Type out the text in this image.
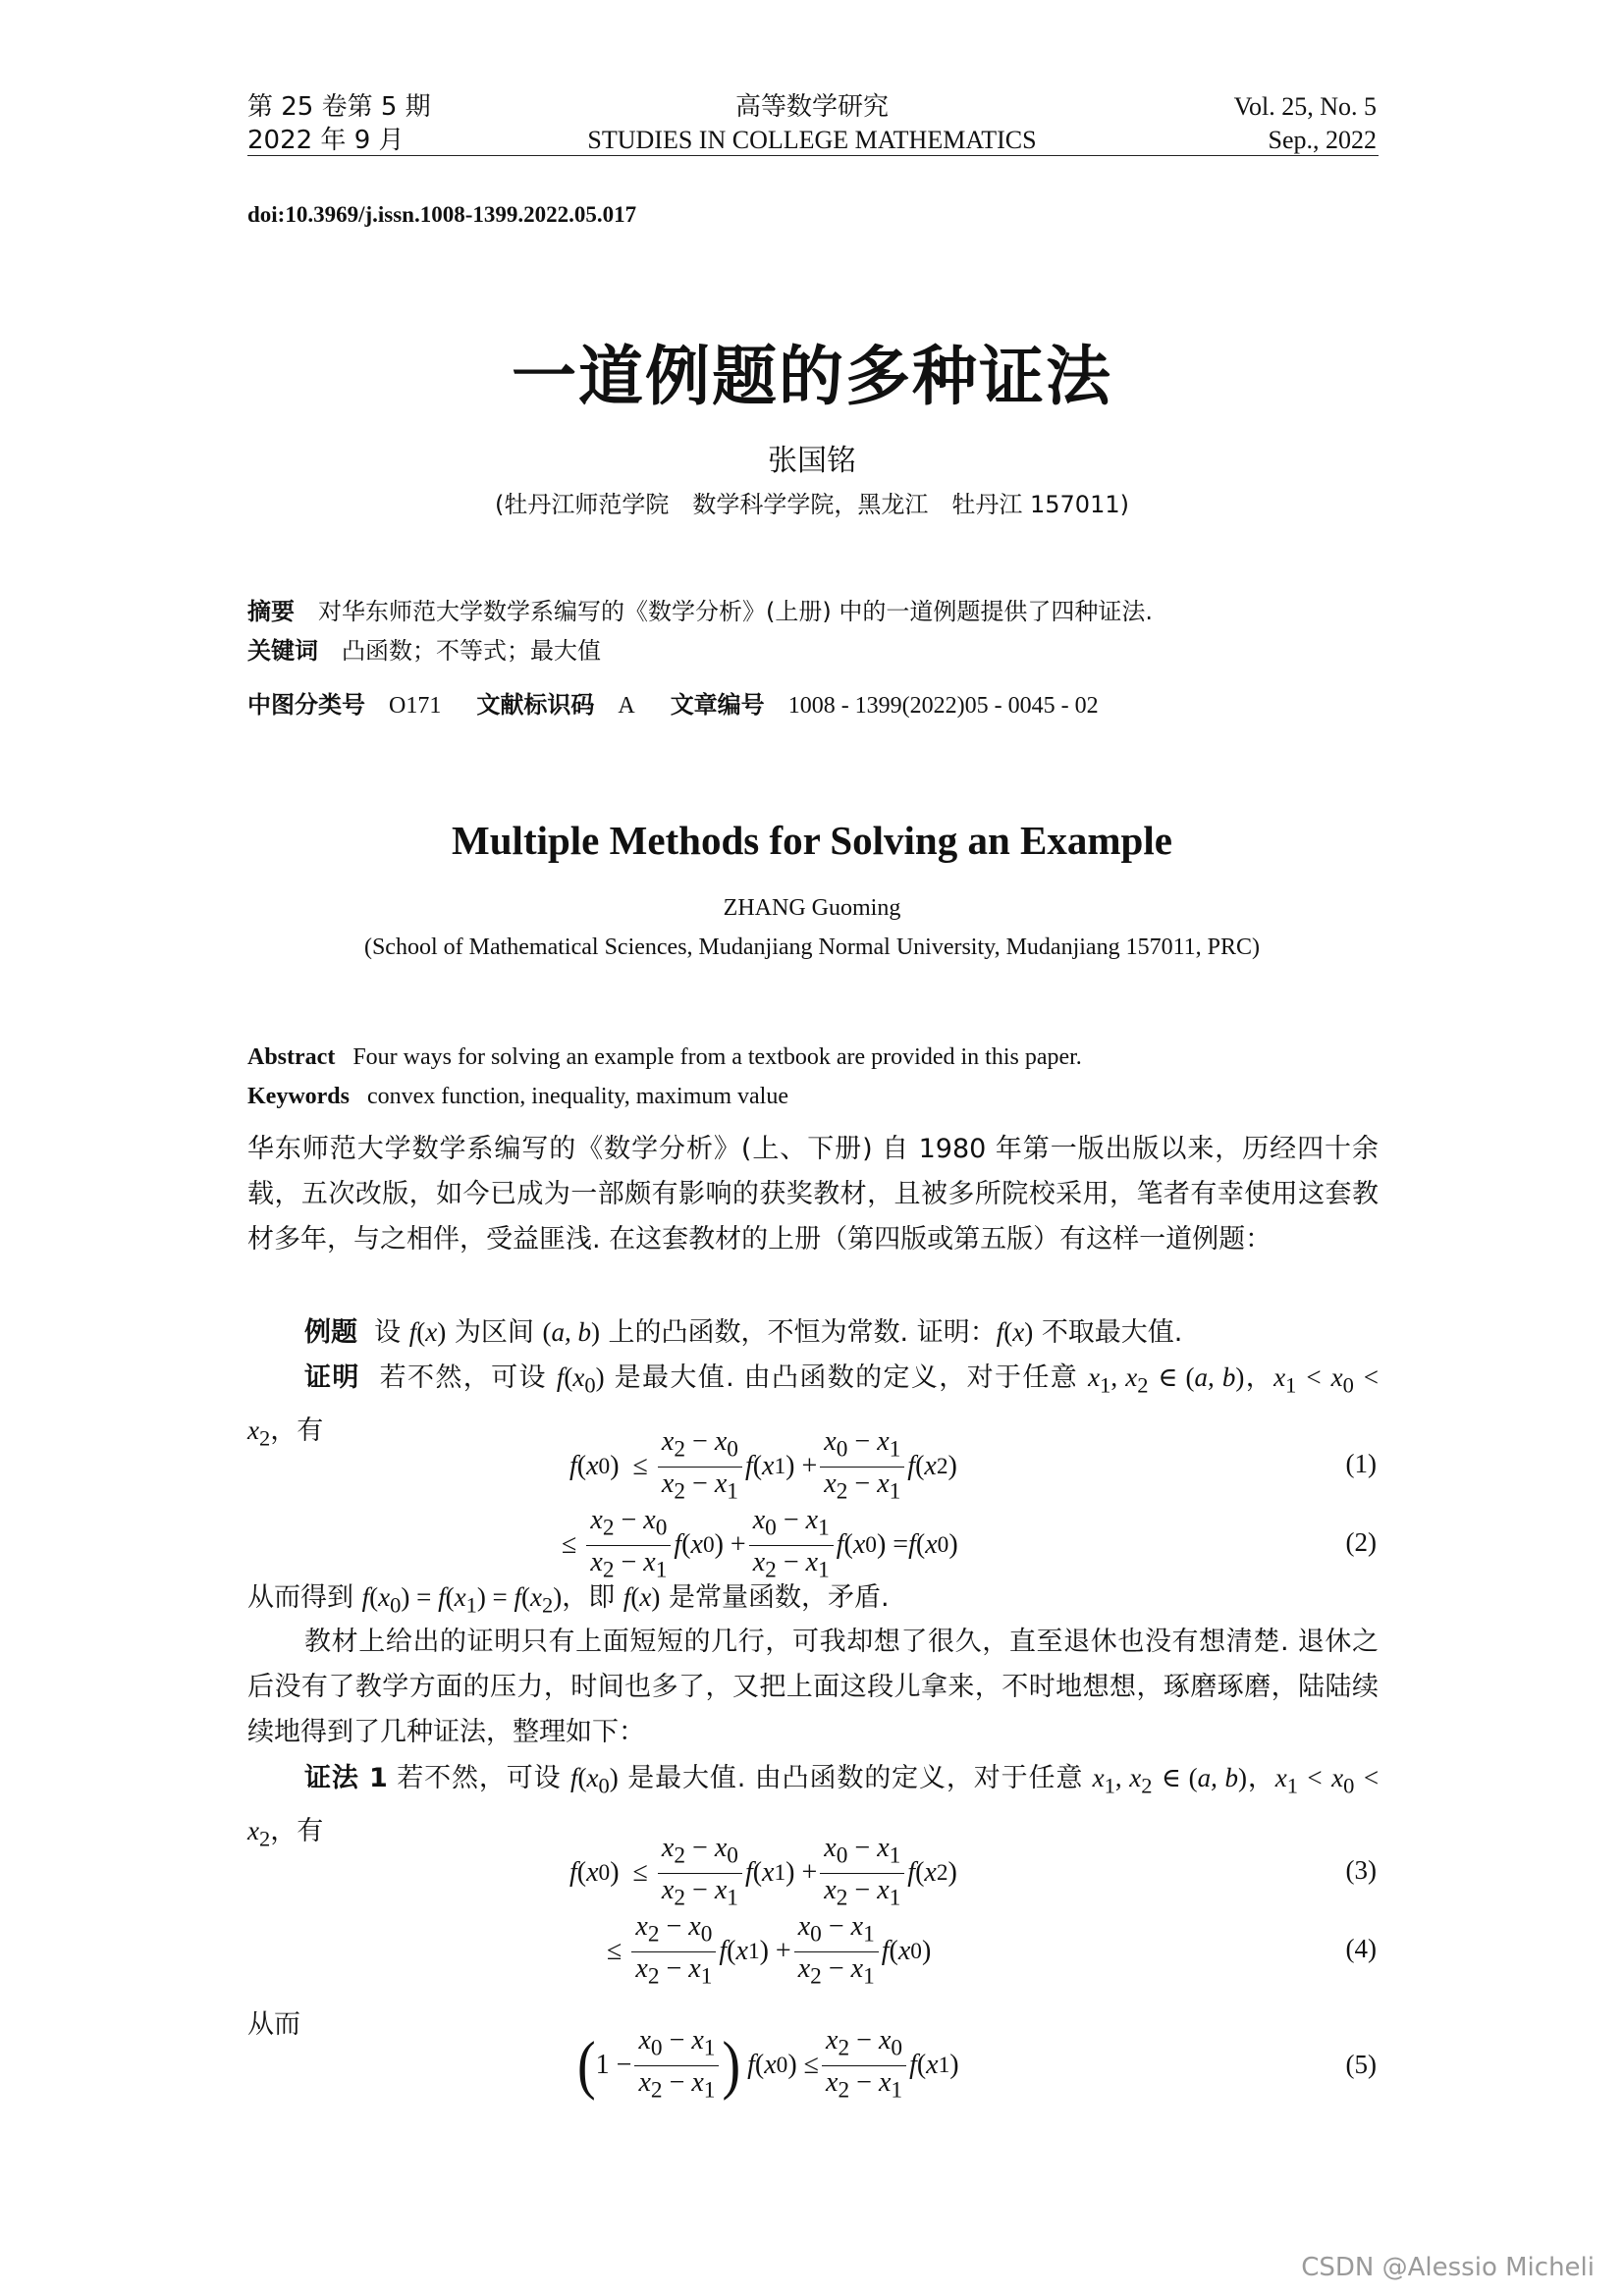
第 25 卷第 5 期
2022 年 9 月
高等数学研究
STUDIES IN COLLEGE MATHEMATICS
Vol. 25, No. 5
Sep., 2022
doi:10.3969/j.issn.1008-1399.2022.05.017
一道例题的多种证法
张国铭
(牡丹江师范学院　数学科学学院，黑龙江　牡丹江 157011)
摘要 对华东师范大学数学系编写的《数学分析》(上册) 中的一道例题提供了四种证法.
关键词 凸函数；不等式；最大值
中图分类号 O171 文献标识码 A 文章编号 1008 - 1399(2022)05 - 0045 - 02
Multiple Methods for Solving an Example
ZHANG Guoming
(School of Mathematical Sciences, Mudanjiang Normal University, Mudanjiang 157011, PRC)
Abstract Four ways for solving an example from a textbook are provided in this paper.
Keywords convex function, inequality, maximum value
华东师范大学数学系编写的《数学分析》(上、下册) 自 1980 年第一版出版以来，历经四十余载，五次改版，如今已成为一部颇有影响的获奖教材，且被多所院校采用，笔者有幸使用这套教材多年，与之相伴，受益匪浅. 在这套教材的上册（第四版或第五版）有这样一道例题：
例题 设 f(x) 为区间 (a, b) 上的凸函数，不恒为常数. 证明：f(x) 不取最大值.
证明 若不然，可设 $f(x_0)$ 是最大值. 由凸函数的定义，对于任意 $x_1$, $x_2$ ∈ (a, b)，$x_1 < x_0 < x_2$，有
f ( x 0 )  ≤ $\frac{x_2 - x_0}{x_2 - x_1}$ f ( x 1 ) + $\frac{x_0 - x_1}{x_2 - x_1}$ f ( x 2 )	(1)
≤ $\frac{x_2 - x_0}{x_2 - x_1}$ f ( x 0 ) + $\frac{x_0 - x_1}{x_2 - x_1}$ f ( x 0 ) = f ( x 0 )	(2)
从而得到 $f(x_0) = f(x_1) = f(x_2)$，即 f(x) 是常量函数，矛盾.
教材上给出的证明只有上面短短的几行，可我却想了很久，直至退休也没有想清楚. 退休之后没有了教学方面的压力，时间也多了，又把上面这段儿拿来，不时地想想，琢磨琢磨，陆陆续续地得到了几种证法，整理如下：
证法 1 若不然，可设 $f(x_0)$ 是最大值. 由凸函数的定义，对于任意 $x_1$, $x_2$ ∈ (a, b)，$x_1 < x_0 < x_2$，有
f ( x 0 )  ≤ $\frac{x_2 - x_0}{x_2 - x_1}$ f ( x 1 ) + $\frac{x_0 - x_1}{x_2 - x_1}$ f ( x 2 )	(3)
≤ $\frac{x_2 - x_0}{x_2 - x_1}$ f ( x 1 ) + $\frac{x_0 - x_1}{x_2 - x_1}$ f ( x 0 )	(4)
从而
( $1 - \frac{x_0 - x_1}{x_2 - x_1}$ )
f ( x 0 ) ≤ $\frac{x_2 - x_0}{x_2 - x_1}$ f ( x 1 )	(5)
CSDN @Alessio Micheli
